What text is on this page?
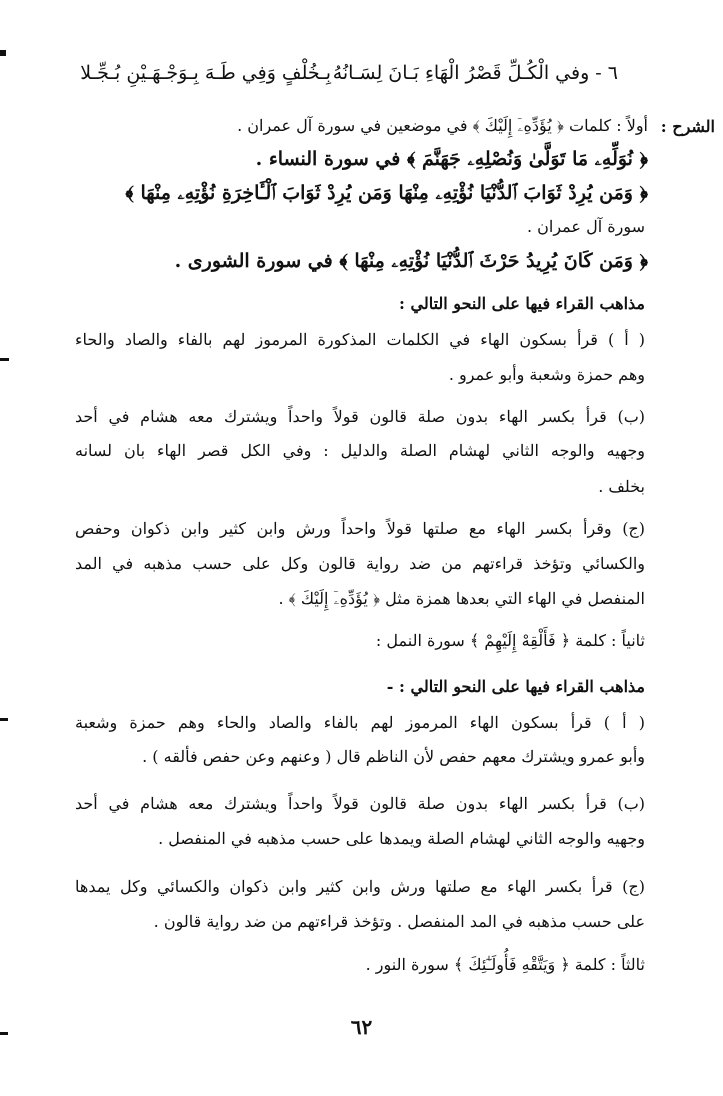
٦ - وفي الْكُـلِّ قَصْرُ الْهَاءِ بَـانَ لِسَـانُهُ
بِـخُلْفٍ وَفِي طَـهَ بِـوَجْـهَـيْنِ بُـجِّـلا
الشرح :
أولاً : كلمات ﴿ يُؤَدِّهِۦٓ إِلَيْكَ ﴾ في موضعين في سورة آل عمران .
﴿ نُوَلِّهِۦ مَا تَوَلَّىٰ وَنُصْلِهِۦ جَهَنَّمَ ﴾ في سورة النساء .
﴿ وَمَن يُرِدْ ثَوَابَ ٱلدُّنْيَا نُؤْتِهِۦ مِنْهَا وَمَن يُرِدْ ثَوَابَ ٱلْـَٔاخِرَةِ نُؤْتِهِۦ مِنْهَا ﴾
سورة آل عمران .
﴿ وَمَن كَانَ يُرِيدُ حَرْثَ ٱلدُّنْيَا نُؤْتِهِۦ مِنْهَا ﴾ في سورة الشورى .
مذاهب القراء فيها على النحو التالي :
( أ ) قرأ بسكون الهاء في الكلمات المذكورة المرموز لهم بالفاء والصاد والحاء
وهم حمزة وشعبة وأبو عمرو .
(ب) قرأ بكسر الهاء بدون صلة قالون قولاً واحداً ويشترك معه هشام في أحد
وجهيه والوجه الثاني لهشام الصلة والدليل : وفي الكل قصر الهاء بان لسانه
بخلف .
(ج) وقرأ بكسر الهاء مع صلتها قولاً واحداً ورش وابن كثير وابن ذكوان وحفص
والكسائي وتؤخذ قراءتهم من ضد رواية قالون وكل على حسب مذهبه في المد
المنفصل في الهاء التي بعدها همزة مثل ﴿ يُؤَدِّهِۦٓ إِلَيْكَ ﴾ .
ثانياً : كلمة ﴿ فَأَلْقِهْ إِلَيْهِمْ ﴾ سورة النمل :
مذاهب القراء فيها على النحو التالي : -
( أ ) قرأ بسكون الهاء المرموز لهم بالفاء والصاد والحاء وهم حمزة وشعبة
وأبو عمرو ويشترك معهم حفص لأن الناظم قال ( وعنهم وعن حفص فألقه ) .
(ب) قرأ بكسر الهاء بدون صلة قالون قولاً واحداً ويشترك معه هشام في أحد
وجهيه والوجه الثاني لهشام الصلة ويمدها على حسب مذهبه في المنفصل .
(ج) قرأ بكسر الهاء مع صلتها ورش وابن كثير وابن ذكوان والكسائي وكل يمدها
على حسب مذهبه في المد المنفصل . وتؤخذ قراءتهم من ضد رواية قالون .
ثالثاً : كلمة ﴿ وَيَتَّقْهِ فَأُولَـٰٓئِكَ ﴾ سورة النور .
٦٢
